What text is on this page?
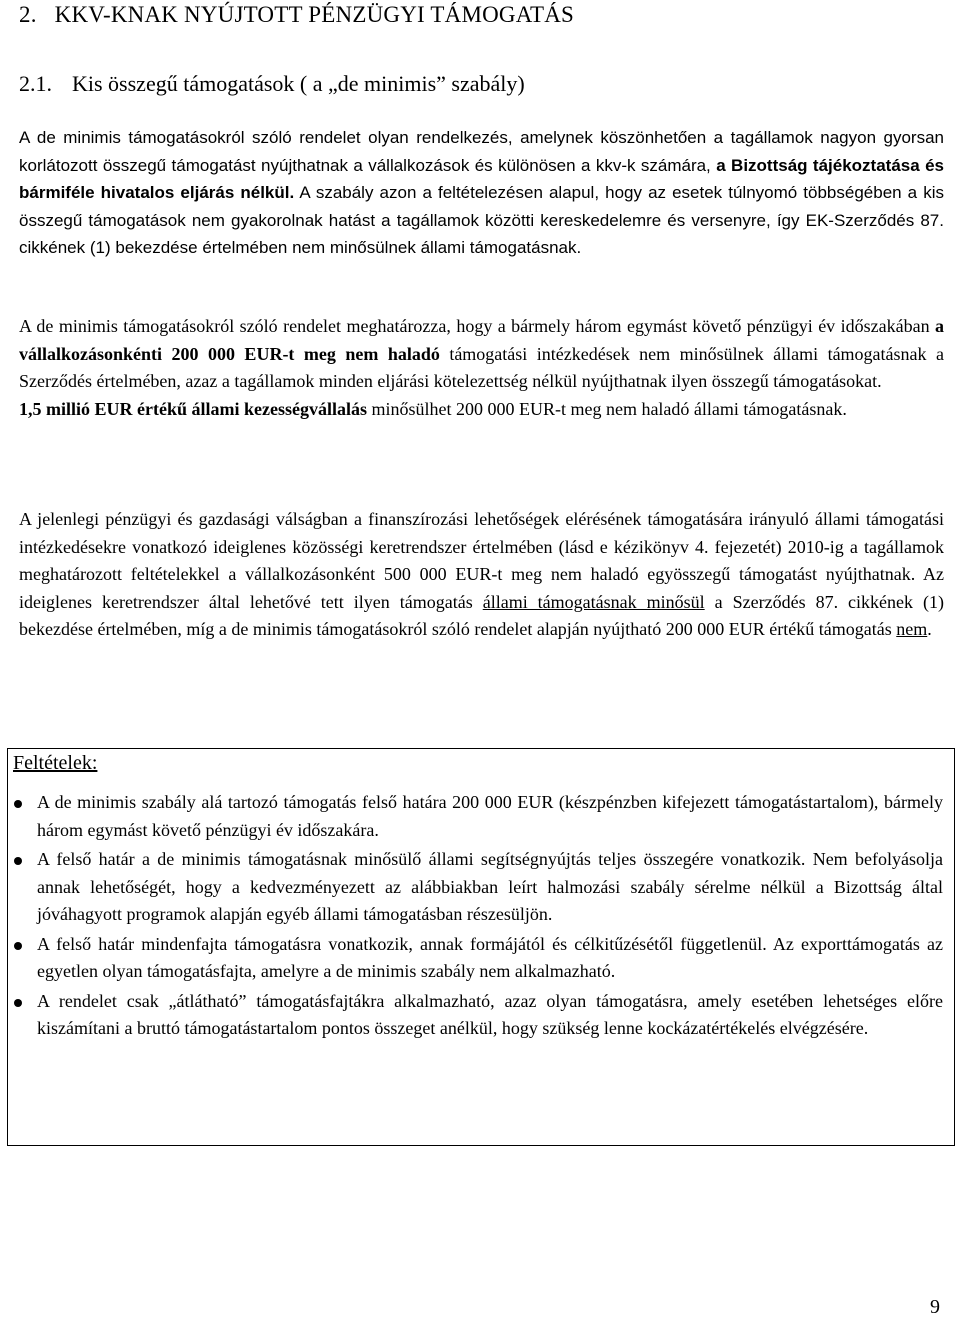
2. KKV-KNAK NYÚJTOTT PÉNZÜGYI TÁMOGATÁS
2.1. Kis összegű támogatások ( a „de minimis” szabály)

A de minimis támogatásokról szóló rendelet olyan rendelkezés, amelynek köszönhetően a tagállamok nagyon gyorsan korlátozott összegű támogatást nyújthatnak a vállalkozások és különösen a kkv-k számára, a Bizottság tájékoztatása és bármiféle hivatalos eljárás nélkül. A szabály azon a feltételezésen alapul, hogy az esetek túlnyomó többségében a kis összegű támogatások nem gyakorolnak hatást a tagállamok közötti kereskedelemre és versenyre, így EK-Szerződés 87. cikkének (1) bekezdése értelmében nem minősülnek állami támogatásnak.

A de minimis támogatásokról szóló rendelet meghatározza, hogy a bármely három egymást követő pénzügyi év időszakában a vállalkozásonkénti 200 000 EUR-t meg nem haladó támogatási intézkedések nem minősülnek állami támogatásnak a Szerződés értelmében, azaz a tagállamok minden eljárási kötelezettség nélkül nyújthatnak ilyen összegű támogatásokat.
1,5 millió EUR értékű állami kezességvállalás minősülhet 200 000 EUR-t meg nem haladó állami támogatásnak.

A jelenlegi pénzügyi és gazdasági válságban a finanszírozási lehetőségek elérésének támogatására irányuló állami támogatási intézkedésekre vonatkozó ideiglenes közösségi keretrendszer értelmében (lásd e kézikönyv 4. fejezetét) 2010-ig a tagállamok meghatározott feltételekkel a vállalkozásonként 500 000 EUR-t meg nem haladó egyösszegű támogatást nyújthatnak. Az ideiglenes keretrendszer által lehetővé tett ilyen támogatás állami támogatásnak minősül a Szerződés 87. cikkének (1) bekezdése értelmében, míg a de minimis támogatásokról szóló rendelet alapján nyújtható 200 000 EUR értékű támogatás nem.

Feltételek:
A de minimis szabály alá tartozó támogatás felső határa 200 000 EUR (készpénzben kifejezett támogatástartalom), bármely három egymást követő pénzügyi év időszakára.
A felső határ a de minimis támogatásnak minősülő állami segítségnyújtás teljes összegére vonatkozik. Nem befolyásolja annak lehetőségét, hogy a kedvezményezett az alábbiakban leírt halmozási szabály sérelme nélkül a Bizottság által jóváhagyott programok alapján egyéb állami támogatásban részesüljön.
A felső határ mindenfajta támogatásra vonatkozik, annak formájától és célkitűzésétől függetlenül. Az exporttámogatás az egyetlen olyan támogatásfajta, amelyre a de minimis szabály nem alkalmazható.
A rendelet csak „átlátható” támogatásfajtákra alkalmazható, azaz olyan támogatásra, amely esetében lehetséges előre kiszámítani a bruttó támogatástartalom pontos összeget anélkül, hogy szükség lenne kockázatértékelés elvégzésére.
9
